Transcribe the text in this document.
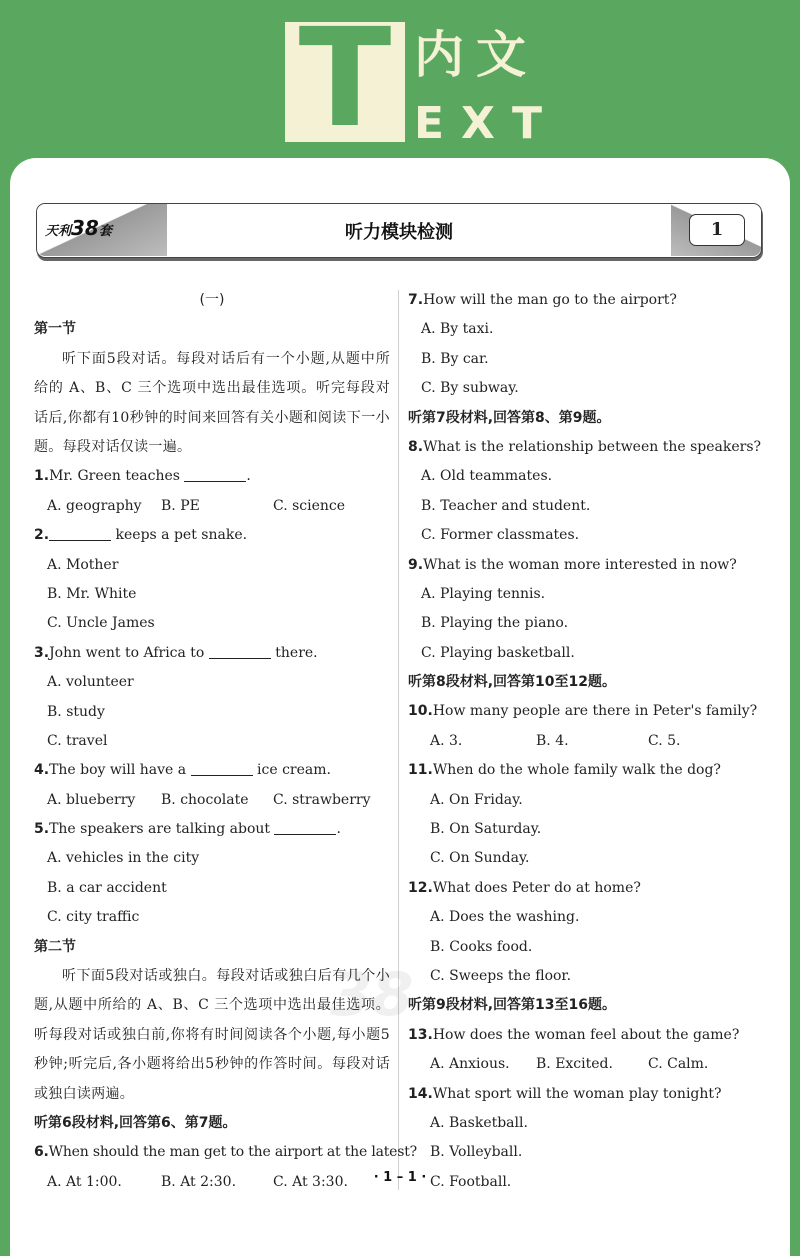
T 内文
EXT
天利38套	听力模块检测	1
38
(一)
第一节
听下面5段对话。每段对话后有一个小题,从题中所给的 A、B、C 三个选项中选出最佳选项。听完每段对话后,你都有10秒钟的时间来回答有关小题和阅读下一小题。每段对话仅读一遍。
1.Mr. Green teaches	.
A. geography	B. PE	C. science
2.	keeps a pet snake.
A. Mother
B. Mr. White
C. Uncle James
3.John went to Africa to	there.
A. volunteer
B. study
C. travel
4.The boy will have a	ice cream.
A. blueberry	B. chocolate	C. strawberry
5.The speakers are talking about	.
A. vehicles in the city
B. a car accident
C. city traffic
第二节
听下面5段对话或独白。每段对话或独白后有几个小题,从题中所给的 A、B、C 三个选项中选出最佳选项。听每段对话或独白前,你将有时间阅读各个小题,每小题5秒钟;听完后,各小题将给出5秒钟的作答时间。每段对话或独白读两遍。
听第6段材料,回答第6、第7题。
6.When should the man get to the airport at the latest?
A. At 1:00.	B. At 2:30.	C. At 3:30.
7.How will the man go to the airport?
A. By taxi.
B. By car.
C. By subway.
听第7段材料,回答第8、第9题。
8.What is the relationship between the speakers?
A. Old teammates.
B. Teacher and student.
C. Former classmates.
9.What is the woman more interested in now?
A. Playing tennis.
B. Playing the piano.
C. Playing basketball.
听第8段材料,回答第10至12题。
10.How many people are there in Peter's family?
A. 3.	B. 4.	C. 5.
11.When do the whole family walk the dog?
A. On Friday.
B. On Saturday.
C. On Sunday.
12.What does Peter do at home?
A. Does the washing.
B. Cooks food.
C. Sweeps the floor.
听第9段材料,回答第13至16题。
13.How does the woman feel about the game?
A. Anxious.	B. Excited.	C. Calm.
14.What sport will the woman play tonight?
A. Basketball.
B. Volleyball.
C. Football.
· 1 – 1 ·
